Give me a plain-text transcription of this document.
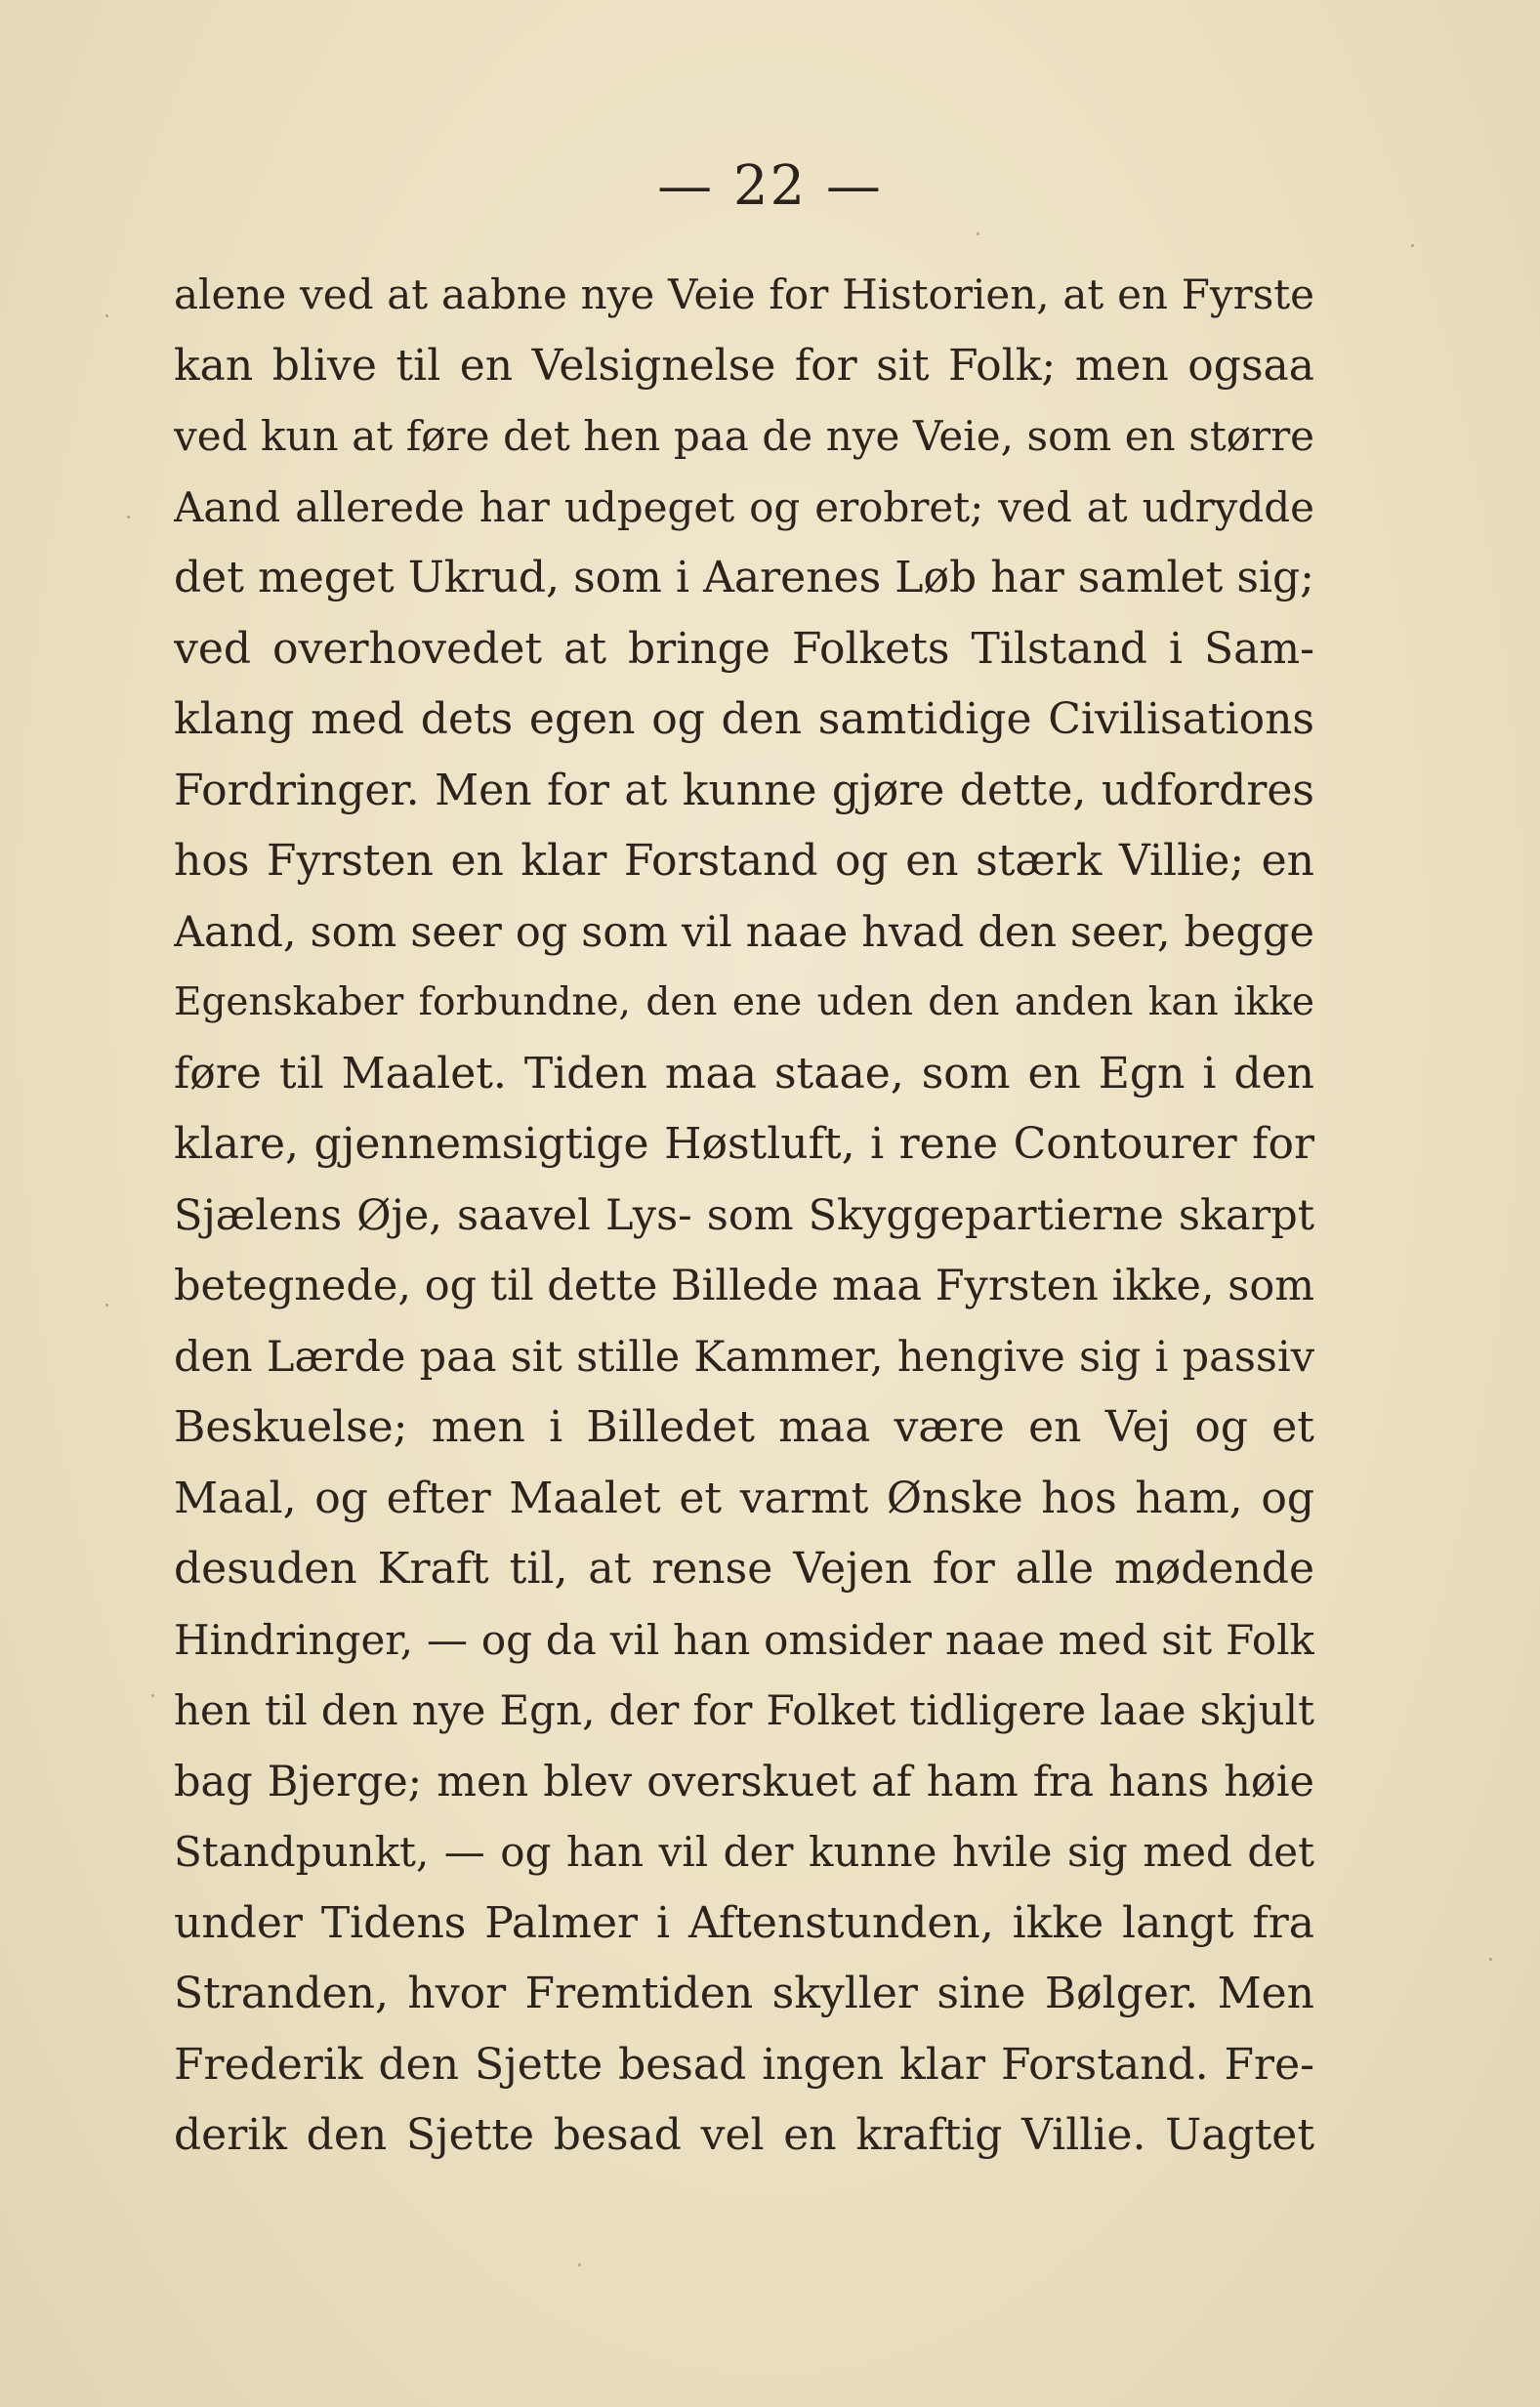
— 22 —
alene ved at aabne nye Veie for Historien, at en Fyrste
kan blive til en Velsignelse for sit Folk; men ogsaa
ved kun at føre det hen paa de nye Veie, som en større
Aand allerede har udpeget og erobret; ved at udrydde
det meget Ukrud, som i Aarenes Løb har samlet sig;
ved overhovedet at bringe Folkets Tilstand i Sam-
klang med dets egen og den samtidige Civilisations
Fordringer. Men for at kunne gjøre dette, udfordres
hos Fyrsten en klar Forstand og en stærk Villie; en
Aand, som seer og som vil naae hvad den seer, begge
Egenskaber forbundne, den ene uden den anden kan ikke
føre til Maalet. Tiden maa staae, som en Egn i den
klare, gjennemsigtige Høstluft, i rene Contourer for
Sjælens Øje, saavel Lys- som Skyggepartierne skarpt
betegnede, og til dette Billede maa Fyrsten ikke, som
den Lærde paa sit stille Kammer, hengive sig i passiv
Beskuelse; men i Billedet maa være en Vej og et
Maal, og efter Maalet et varmt Ønske hos ham, og
desuden Kraft til, at rense Vejen for alle mødende
Hindringer, — og da vil han omsider naae med sit Folk
hen til den nye Egn, der for Folket tidligere laae skjult
bag Bjerge; men blev overskuet af ham fra hans høie
Standpunkt, — og han vil der kunne hvile sig med det
under Tidens Palmer i Aftenstunden, ikke langt fra
Stranden, hvor Fremtiden skyller sine Bølger. Men
Frederik den Sjette besad ingen klar Forstand. Fre-
derik den Sjette besad vel en kraftig Villie. Uagtet
